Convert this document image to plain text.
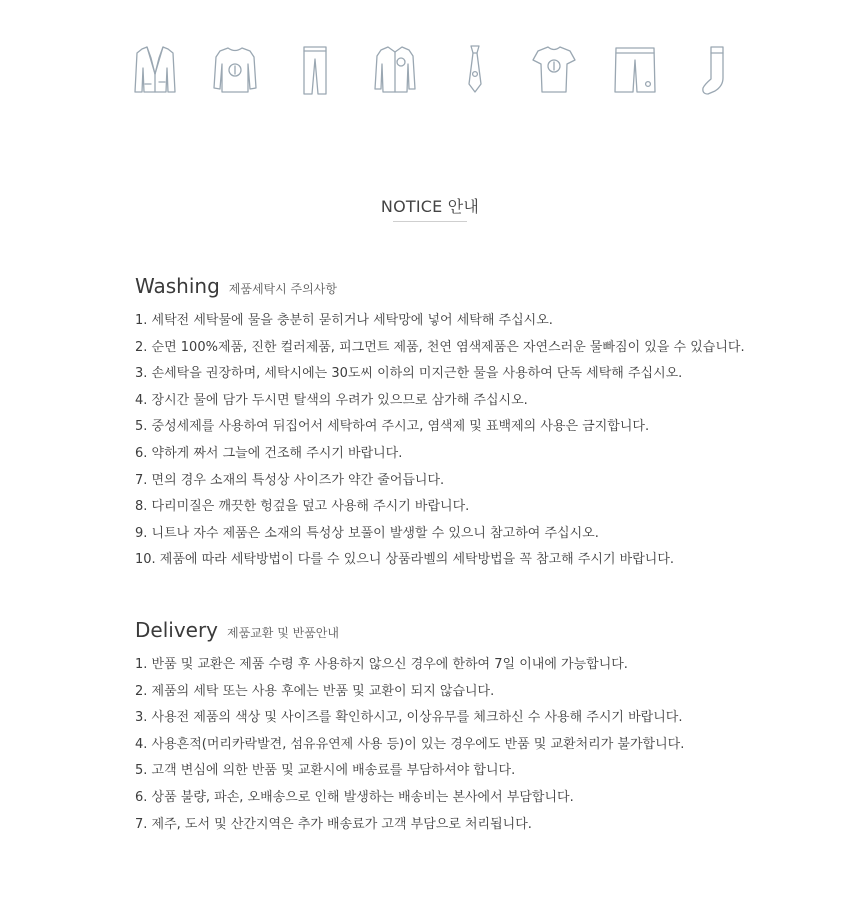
NOTICE 안내
Washing 제품세탁시 주의사항
1. 세탁전 세탁물에 물을 충분히 묻히거나 세탁망에 넣어 세탁해 주십시오.
2. 순면 100%제품, 진한 컬러제품, 피그먼트 제품, 천연 염색제품은 자연스러운 물빠짐이 있을 수 있습니다.
3. 손세탁을 권장하며, 세탁시에는 30도씨 이하의 미지근한 물을 사용하여 단독 세탁해 주십시오.
4. 장시간 물에 담가 두시면 탈색의 우려가 있으므로 삼가해 주십시오.
5. 중성세제를 사용하여 뒤집어서 세탁하여 주시고, 염색제 및 표백제의 사용은 금지합니다.
6. 약하게 짜서 그늘에 건조해 주시기 바랍니다.
7. 면의 경우 소재의 특성상 사이즈가 약간 줄어듭니다.
8. 다리미질은 깨끗한 헝겊을 덮고 사용해 주시기 바랍니다.
9. 니트나 자수 제품은 소재의 특성상 보풀이 발생할 수 있으니 참고하여 주십시오.
10. 제품에 따라 세탁방법이 다를 수 있으니 상품라벨의 세탁방법을 꼭 참고해 주시기 바랍니다.
Delivery 제품교환 및 반품안내
1. 반품 및 교환은 제품 수령 후 사용하지 않으신 경우에 한하여 7일 이내에 가능합니다.
2. 제품의 세탁 또는 사용 후에는 반품 및 교환이 되지 않습니다.
3. 사용전 제품의 색상 및 사이즈를 확인하시고, 이상유무를 체크하신 수 사용해 주시기 바랍니다.
4. 사용흔적(머리카락발견, 섬유유연제 사용 등)이 있는 경우에도 반품 및 교환처리가 불가합니다.
5. 고객 변심에 의한 반품 및 교환시에 배송료를 부담하셔야 합니다.
6. 상품 불량, 파손, 오배송으로 인해 발생하는 배송비는 본사에서 부담합니다.
7. 제주, 도서 및 산간지역은 추가 배송료가 고객 부담으로 처리됩니다.
